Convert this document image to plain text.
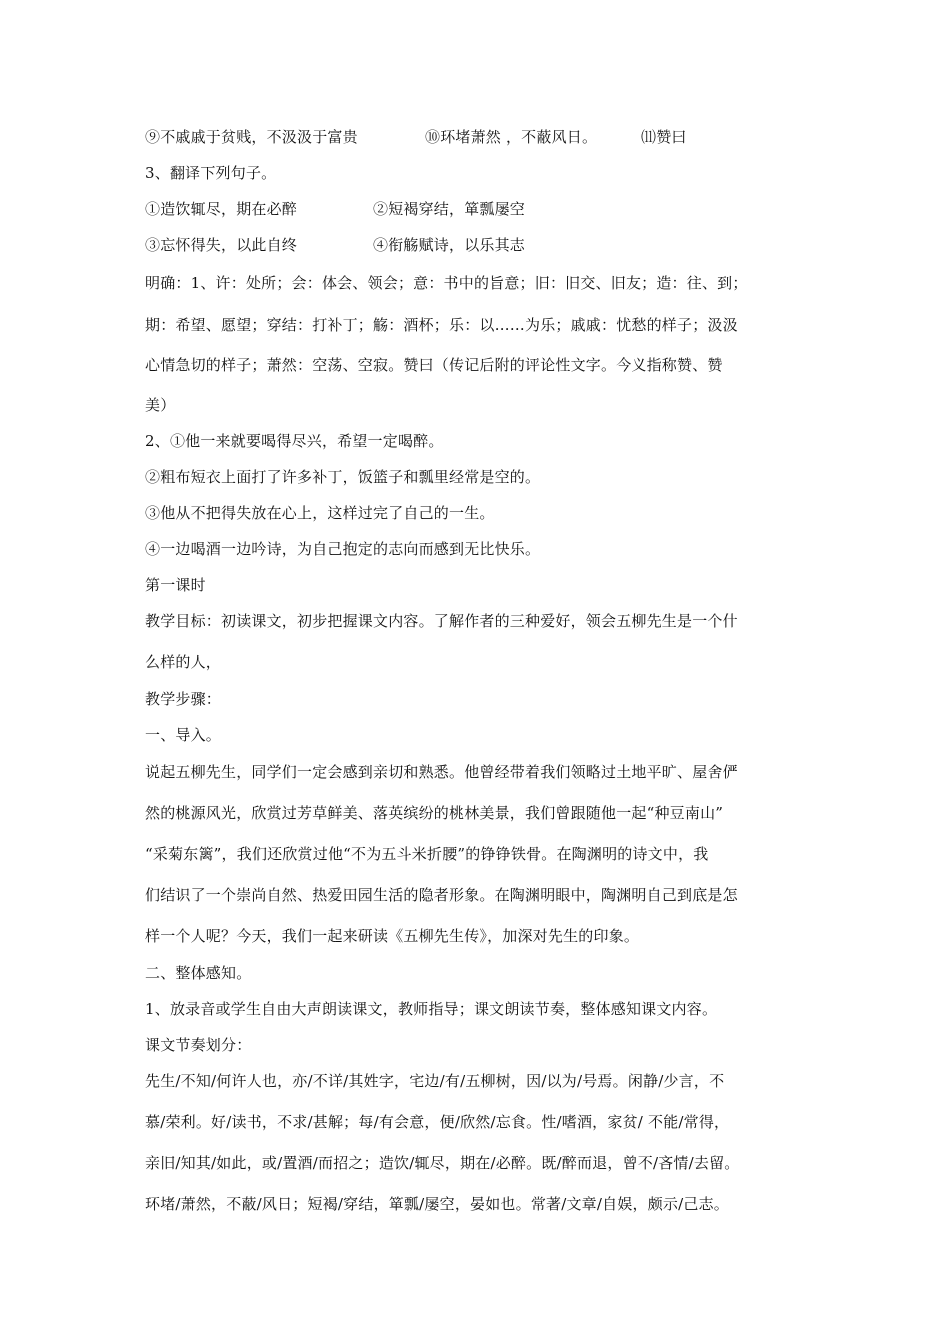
⑨不戚戚于贫贱，不汲汲于富贵	⑩环堵萧然 ，不蔽风日。	⑾赞曰
3、翻译下列句子。
①造饮辄尽，期在必醉	②短褐穿结，箪瓢屡空
③忘怀得失，以此自终	④衔觞赋诗，以乐其志
明确：1、许：处所；会：体会、领会；意：书中的旨意；旧：旧交、旧友；造：往、到；
期：希望、愿望；穿结：打补丁；觞：酒杯；乐：以……为乐；戚戚：忧愁的样子；汲汲
心情急切的样子；萧然：空荡、空寂。赞曰（传记后附的评论性文字。今义指称赞、赞
美）
2、①他一来就要喝得尽兴，希望一定喝醉。
②粗布短衣上面打了许多补丁，饭篮子和瓢里经常是空的。
③他从不把得失放在心上，这样过完了自己的一生。
④一边喝酒一边吟诗，为自己抱定的志向而感到无比快乐。
第一课时
教学目标：初读课文，初步把握课文内容。了解作者的三种爱好，领会五柳先生是一个什
么样的人，
教学步骤：
一、导入。
说起五柳先生，同学们一定会感到亲切和熟悉。他曾经带着我们领略过土地平旷、屋舍俨
然的桃源风光，欣赏过芳草鲜美、落英缤纷的桃林美景，我们曾跟随他一起“种豆南山”
“采菊东篱”，我们还欣赏过他“不为五斗米折腰”的铮铮铁骨。在陶渊明的诗文中，我
们结识了一个崇尚自然、热爱田园生活的隐者形象。在陶渊明眼中，陶渊明自己到底是怎
样一个人呢？今天，我们一起来研读《五柳先生传》，加深对先生的印象。
二、整体感知。
1、放录音或学生自由大声朗读课文，教师指导；课文朗读节奏，整体感知课文内容。
课文节奏划分：
先生/不知/何许人也，亦/不详/其姓字，宅边/有/五柳树，因/以为/号焉。闲静/少言，不
慕/荣利。好/读书，不求/甚解；每/有会意，便/欣然/忘食。性/嗜酒，家贫/ 不能/常得，
亲旧/知其/如此，或/置酒/而招之；造饮/辄尽，期在/必醉。既/醉而退，曾不/吝情/去留。
环堵/萧然，不蔽/风日；短褐/穿结，箪瓢/屡空，晏如也。常著/文章/自娱，颇示/己志。
